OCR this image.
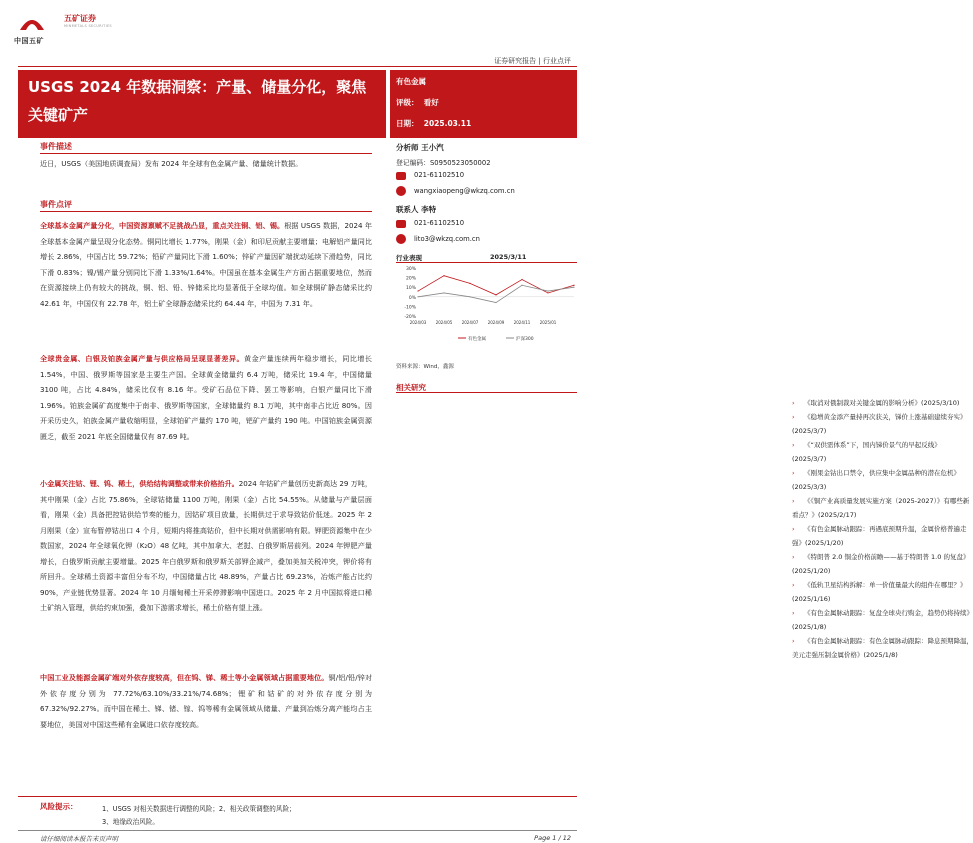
中国五矿
五矿证券
MINMETALS SECURITIES
证券研究报告 | 行业点评
USGS 2024 年数据洞察：产量、储量分化，聚焦关键矿产
有色金属
评级： 看好
日期： 2025.03.11
事件描述
近日，USGS（美国地质调查局）发布 2024 年全球有色金属产量、储量统计数据。
事件点评
全球基本金属产量分化，中国资源禀赋不足挑战凸显，重点关注铜、铝、锡。根据 USGS 数据，2024 年全球基本金属产量呈现分化态势。铜同比增长 1.77%，刚果（金）和印尼贡献主要增量；电解铝产量同比增长 2.86%，中国占比 59.72%；铅矿产量同比下滑 1.60%；锌矿产量因矿端扰动延续下滑趋势，同比下滑 0.83%；镍/锡产量分别同比下滑 1.33%/1.64%。中国虽在基本金属生产方面占据重要地位，然而在资源接续上仍有较大的挑战，铜、铝、铅、锌储采比均显著低于全球均值。如全球铜矿静态储采比约 42.61 年，中国仅有 22.78 年，铝土矿全球静态储采比约 64.44 年，中国为 7.31 年。
全球贵金属、白银及铂族金属产量与供应格局呈现显著差异。黄金产量连续两年稳步增长，同比增长 1.54%，中国、俄罗斯等国家是主要生产国。全球黄金储量约 6.4 万吨，储采比 19.4 年，中国储量 3100 吨，占比 4.84%，储采比仅有 8.16 年。受矿石品位下降、罢工等影响，白银产量同比下滑 1.96%。铂族金属矿高度集中于南非、俄罗斯等国家，全球储量约 8.1 万吨，其中南非占比近 80%。因开采历史久，铂族金属产量收缩明显，全球铂矿产量约 170 吨，钯矿产量约 190 吨。中国铂族金属资源匮乏，截至 2021 年底全国储量仅有 87.69 吨。
小金属关注钴、锂、钨、稀土，供给结构调整或带来价格抬升。2024 年钴矿产量创历史新高达 29 万吨，其中刚果（金）占比 75.86%，全球钴储量 1100 万吨，刚果（金）占比 54.55%。从储量与产量层面看，刚果（金）具备把控钴供给节奏的能力，因钴矿项目放量，长期供过于求导致钴价低迷。2025 年 2 月刚果（金）宣布暂停钴出口 4 个月，短期内将推高钴价，但中长期对供需影响有限。钾肥资源集中在少数国家，2024 年全球氧化钾（K₂O）48 亿吨，其中加拿大、老挝、白俄罗斯居前列。2024 年钾肥产量增长，白俄罗斯贡献主要增量。2025 年白俄罗斯和俄罗斯关部钾企减产，叠加美加关税冲突，钾价将有所回升。全球稀土资源丰富但分布不均，中国储量占比 48.89%，产量占比 69.23%，冶炼产能占比约 90%，产业链优势显著。2024 年 10 月缅甸稀土开采停滞影响中国进口。2025 年 2 月中国拟将进口稀土矿纳入管理，供给约束加强，叠加下游需求增长，稀土价格有望上涨。
中国工业及能源金属矿端对外依存度较高，但在钨、锑、稀土等小金属领域占据重要地位。铜/铝/铅/锌对外依存度分别为 77.72%/63.10%/33.21%/74.68%；锂矿和钴矿的对外依存度分别为 67.32%/92.27%。而中国在稀土、锑、锗、镓、钨等稀有金属领域从储量、产量到冶炼分离产能均占主要地位，美国对中国这些稀有金属进口依存度较高。
分析师 王小汽
登记编码：S0950523050002
021-61102510
wangxiaopeng@wkzq.com.cn
联系人 李特
021-61102510
lito3@wkzq.com.cn
行业表现	2025/3/11
30%
20%
10%
0%
-10%
-20%
2024/03 2024/05 2024/07 2024/09 2024/11 2025/01
有色金属	沪深300
资料来源：Wind，鑫源
相关研究
› 《取消对俄制裁对关键金属的影响分析》(2025/3/10)
› 《稳增黄金添产量持再次获关，锑价上涨基础建续夯实》(2025/3/7)
› 《“双供需体系”下，国内锑价景气的早起反线》(2025/3/7)
› 《刚果金钴出口禁令，供应集中金属品种的潜在危机》(2025/3/3)
› 《《铜产业高质量发展实施方案（2025-2027）》有哪些新看点？》(2025/2/17)
› 《有色金属脉动跟踪：再遇底预期升温，金属价格普遍走强》(2025/1/20)
› 《特朗普 2.0 铜金价格前瞻——基于特朗普 1.0 的复盘》(2025/1/20)
› 《低轨卫星结构拆解：单一价值量最大的组件在哪里？》(2025/1/16)
› 《有色金属脉动跟踪：复盘全球央行购金，趋势仍将持续》(2025/1/8)
› 《有色金属脉动跟踪：有色金属脉动跟踪：降息预期降温，美元走强压制金属价格》(2025/1/8)
风险提示：	1、USGS 对相关数据进行调整的风险；2、相关政策调整的风险；
3、地缘政治风险。
请仔细阅读本报告末页声明	Page 1 / 12
